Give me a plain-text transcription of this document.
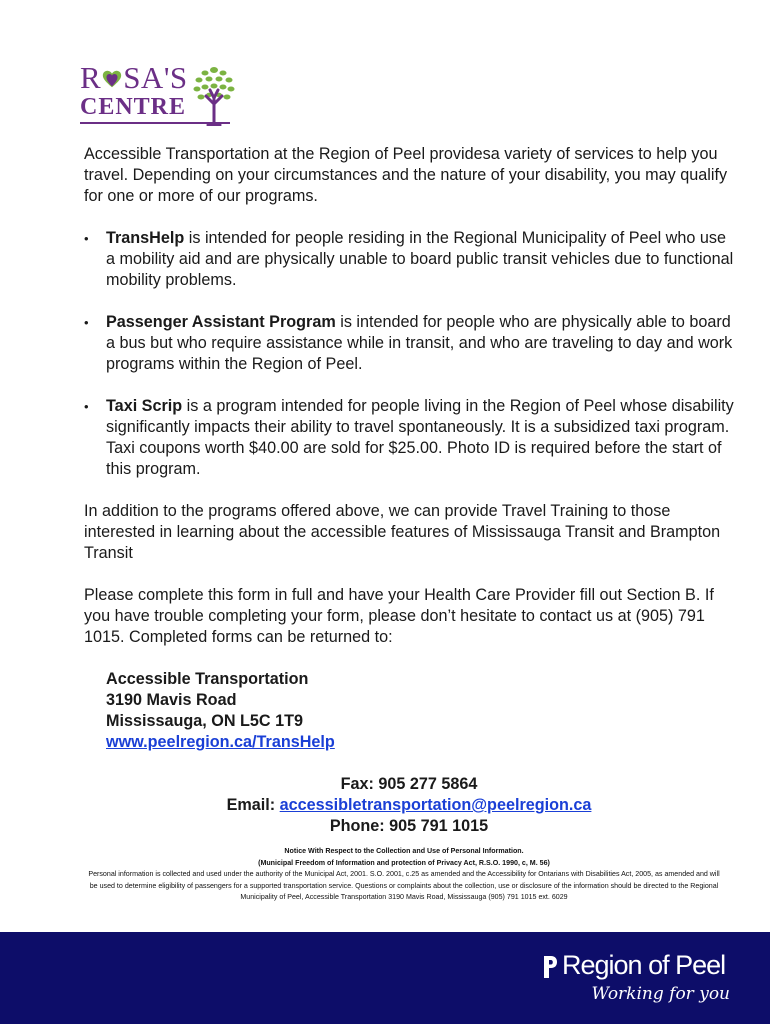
R SA'S
CENTRE

Accessible Transportation at the Region of Peel providesa variety of services to help you travel. Depending on your circumstances and the nature of your disability, you may qualify for one or more of our programs.

• TransHelp is intended for people residing in the Regional Municipality of Peel who use a mobility aid and are physically unable to board public transit vehicles due to functional mobility problems.
• Passenger Assistant Program is intended for people who are physically able to board a bus but who require assistance while in transit, and who are traveling to day and work programs within the Region of Peel.
• Taxi Scrip is a program intended for people living in the Region of Peel whose disability significantly impacts their ability to travel spontaneously. It is a subsidized taxi program. Taxi coupons worth $40.00 are sold for $25.00. Photo ID is required before the start of this program.

In addition to the programs offered above, we can provide Travel Training to those interested in learning about the accessible features of Mississauga Transit and Brampton Transit

Please complete this form in full and have your Health Care Provider fill out Section B. If you have trouble completing your form, please don’t hesitate to contact us at (905) 791 1015. Completed forms can be returned to:

Accessible Transportation
3190 Mavis Road
Mississauga, ON L5C 1T9
www.peelregion.ca/TransHelp
Fax: 905 277 5864
Email: accessibletransportation@peelregion.ca
Phone: 905 791 1015
Notice With Respect to the Collection and Use of Personal Information.
(Municipal Freedom of Information and protection of Privacy Act, R.S.O. 1990, c, M. 56)
Personal information is collected and used under the authority of the Municipal Act, 2001. S.O. 2001, c.25 as amended and the Accessibility for Ontarians with Disabilities Act, 2005, as amended and will be used to determine eligibility of passengers for a supported transportation service. Questions or complaints about the collection, use or disclosure of the information should be directed to the Regional Municipality of Peel, Accessible Transportation 3190 Mavis Road, Mississauga (905) 791 1015 ext. 6029
Region of Peel
Working for you
